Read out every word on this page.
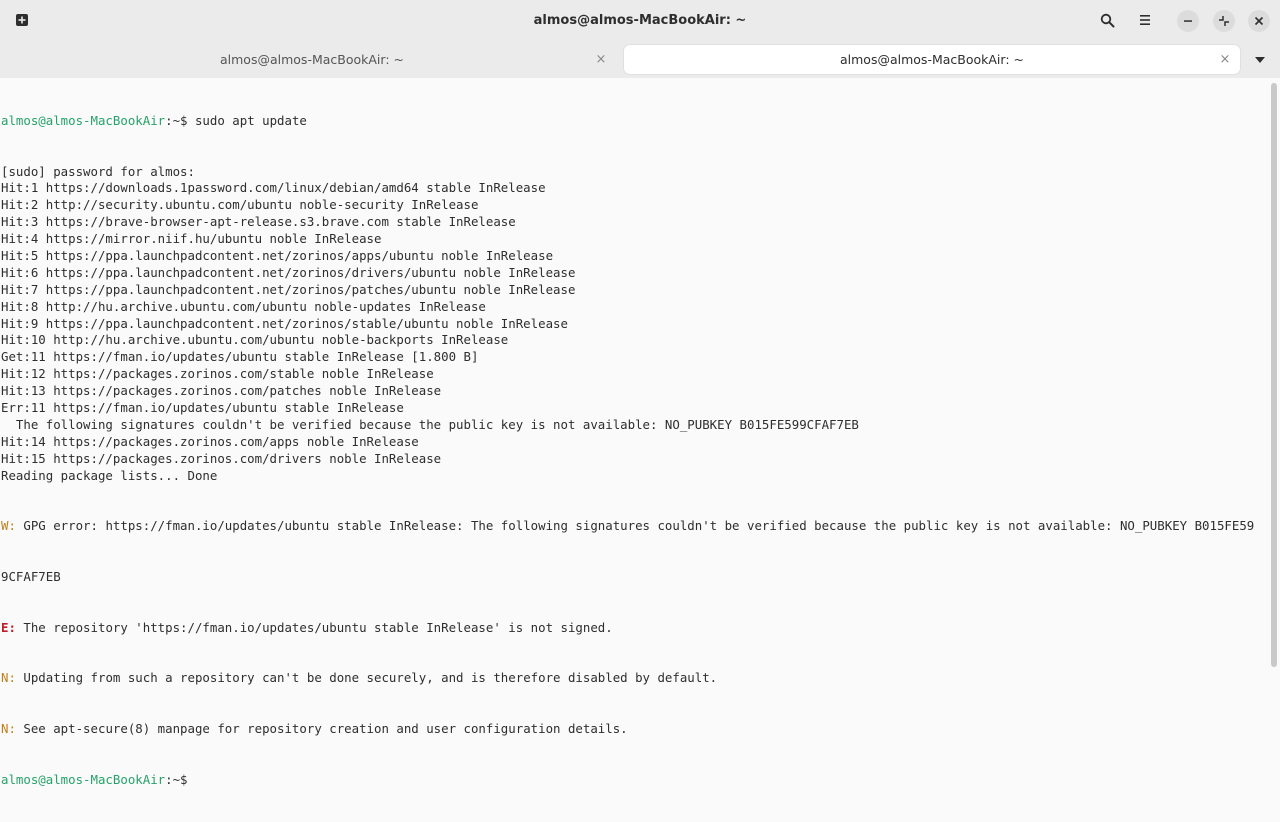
almos@almos-MacBookAir: ~
almos@almos-MacBookAir: ~	×	almos@almos-MacBookAir: ~	×

almos@almos-MacBookAir:~$ sudo apt update

[sudo] password for almos:
Hit:1 https://downloads.1password.com/linux/debian/amd64 stable InRelease
Hit:2 http://security.ubuntu.com/ubuntu noble-security InRelease
Hit:3 https://brave-browser-apt-release.s3.brave.com stable InRelease
Hit:4 https://mirror.niif.hu/ubuntu noble InRelease
Hit:5 https://ppa.launchpadcontent.net/zorinos/apps/ubuntu noble InRelease
Hit:6 https://ppa.launchpadcontent.net/zorinos/drivers/ubuntu noble InRelease
Hit:7 https://ppa.launchpadcontent.net/zorinos/patches/ubuntu noble InRelease
Hit:8 http://hu.archive.ubuntu.com/ubuntu noble-updates InRelease
Hit:9 https://ppa.launchpadcontent.net/zorinos/stable/ubuntu noble InRelease
Hit:10 http://hu.archive.ubuntu.com/ubuntu noble-backports InRelease
Get:11 https://fman.io/updates/ubuntu stable InRelease [1.800 B]
Hit:12 https://packages.zorinos.com/stable noble InRelease
Hit:13 https://packages.zorinos.com/patches noble InRelease
Err:11 https://fman.io/updates/ubuntu stable InRelease
The following signatures couldn't be verified because the public key is not available: NO_PUBKEY B015FE599CFAF7EB
Hit:14 https://packages.zorinos.com/apps noble InRelease
Hit:15 https://packages.zorinos.com/drivers noble InRelease
Reading package lists... Done

W: GPG error: https://fman.io/updates/ubuntu stable InRelease: The following signatures couldn't be verified because the public key is not available: NO_PUBKEY B015FE59

9CFAF7EB

E: The repository 'https://fman.io/updates/ubuntu stable InRelease' is not signed.

N: Updating from such a repository can't be done securely, and is therefore disabled by default.

N: See apt-secure(8) manpage for repository creation and user configuration details.

almos@almos-MacBookAir:~$
